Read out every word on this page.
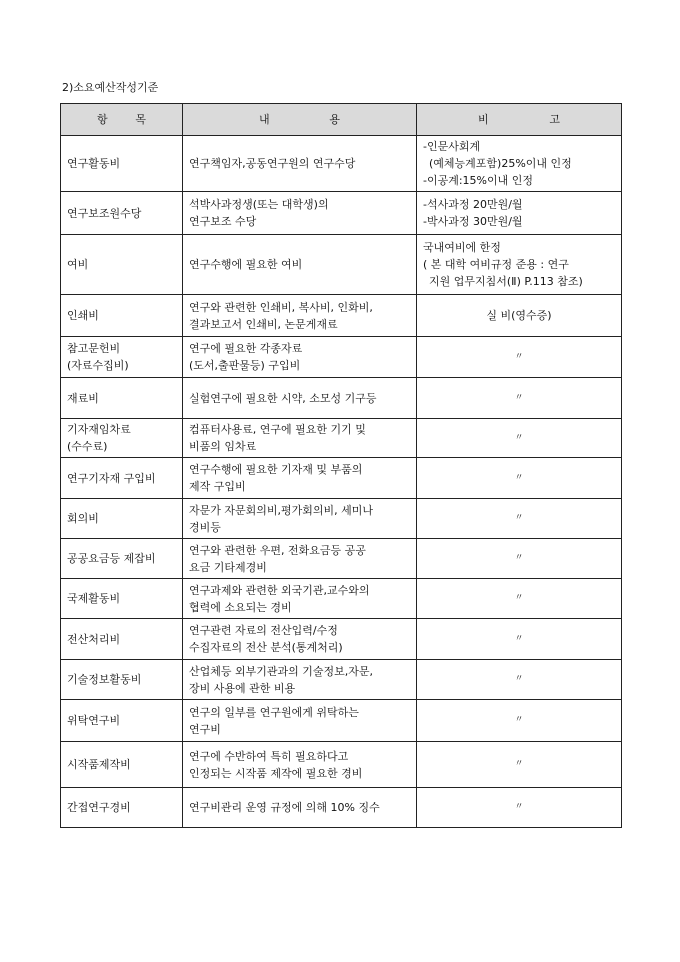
2)소요예산작성기준
항 목	내 용	비 고

연구활동비	연구책임자,공동연구원의 연구수당	-인문사회계
(예체능계포함)25%이내 인정
-이공계:15%이내 인정

연구보조원수당	석박사과정생(또는 대학생)의
연구보조 수당	-석사과정 20만원/월
-박사과정 30만원/월

여비	연구수행에 필요한 여비	국내여비에 한정
( 본 대학 여비규정 준용 : 연구
지원 업무지침서(Ⅱ) P.113 참조)

인쇄비	연구와 관련한 인쇄비, 복사비, 인화비,
결과보고서 인쇄비, 논문게재료	실 비(영수증)

참고문헌비
(자료수집비)	연구에 필요한 각종자료
(도서,출판물등) 구입비	〃

재료비	실험연구에 필요한 시약, 소모성 기구등	〃

기자재임차료
(수수료)	컴퓨터사용료, 연구에 필요한 기기 및
비품의 임차료	〃

연구기자재 구입비	연구수행에 필요한 기자재 및 부품의
제작 구입비	〃

회의비	자문가 자문회의비,평가회의비, 세미나
경비등	〃

공공요금등 제잡비	연구와 관련한 우편, 전화요금등 공공
요금 기타제경비	〃

국제활동비	연구과제와 관련한 외국기관,교수와의
협력에 소요되는 경비	〃

전산처리비	연구관련 자료의 전산입력/수정
수집자료의 전산 분석(통계처리)	〃

기술정보활동비	산업체등 외부기관과의 기술정보,자문,
장비 사용에 관한 비용	〃

위탁연구비	연구의 일부를 연구원에게 위탁하는
연구비	〃

시작품제작비	연구에 수반하여 특히 필요하다고
인정되는 시작품 제작에 필요한 경비	〃

간접연구경비	연구비관리 운영 규정에 의해 10% 징수	〃
